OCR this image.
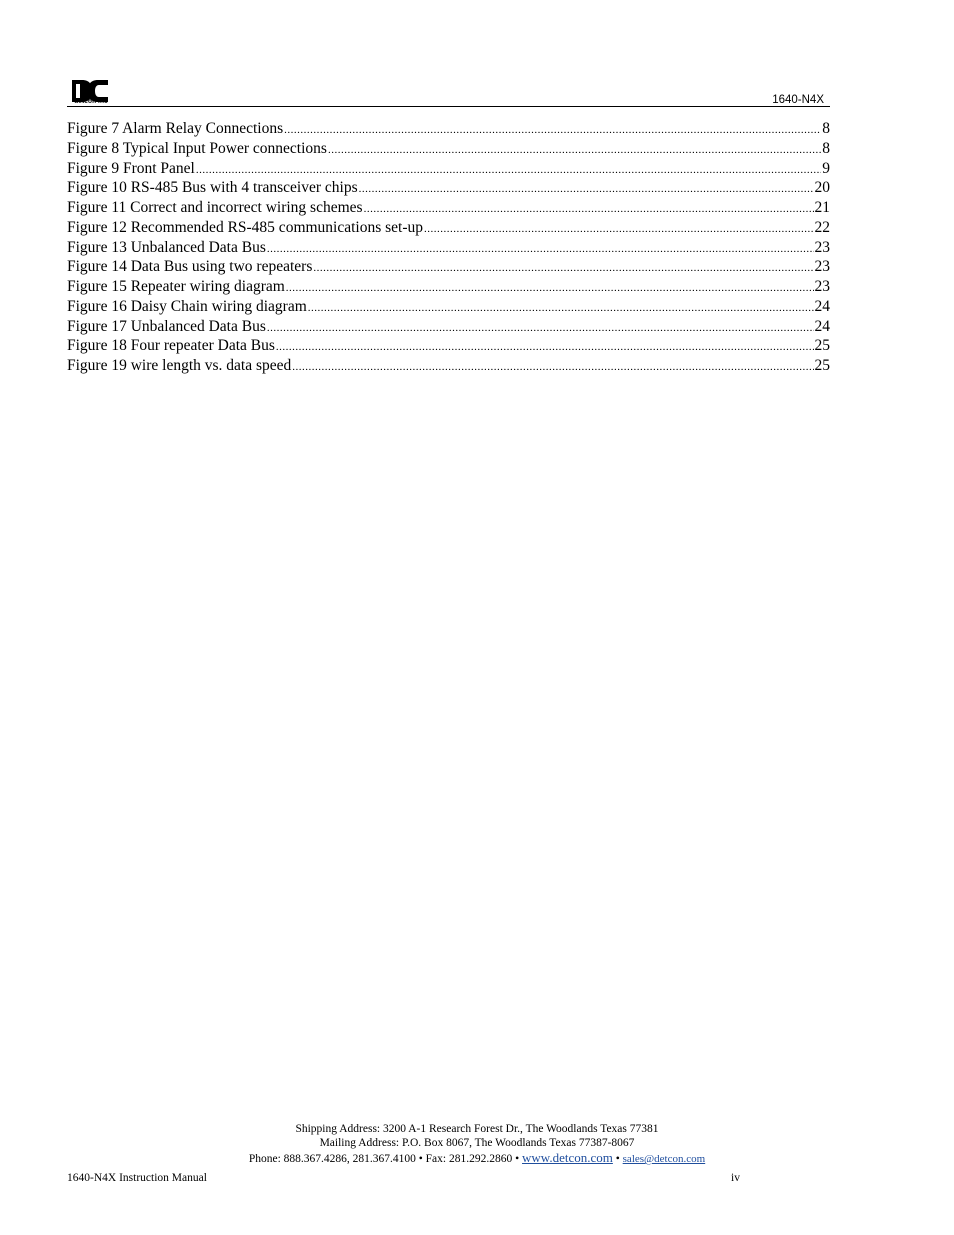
detcon inc	1640-N4X
Figure 7 Alarm Relay Connections .....	8
Figure 8 Typical Input Power connections .....	8
Figure 9 Front Panel .....	9
Figure 10 RS-485 Bus with 4 transceiver chips .....	20
Figure 11 Correct and incorrect wiring schemes .....	21
Figure 12 Recommended RS-485 communications set-up .....	22
Figure 13 Unbalanced Data Bus .....	23
Figure 14 Data Bus using two repeaters .....	23
Figure 15 Repeater wiring diagram .....	23
Figure 16 Daisy Chain wiring diagram .....	24
Figure 17 Unbalanced Data Bus .....	24
Figure 18 Four repeater Data Bus .....	25
Figure 19 wire length vs. data speed .....	25
Shipping Address: 3200 A-1 Research Forest Dr., The Woodlands Texas 77381
Mailing Address: P.O. Box 8067, The Woodlands Texas 77387-8067
Phone: 888.367.4286, 281.367.4100 • Fax: 281.292.2860 • www.detcon.com • sales@detcon.com
1640-N4X Instruction Manual	iv
